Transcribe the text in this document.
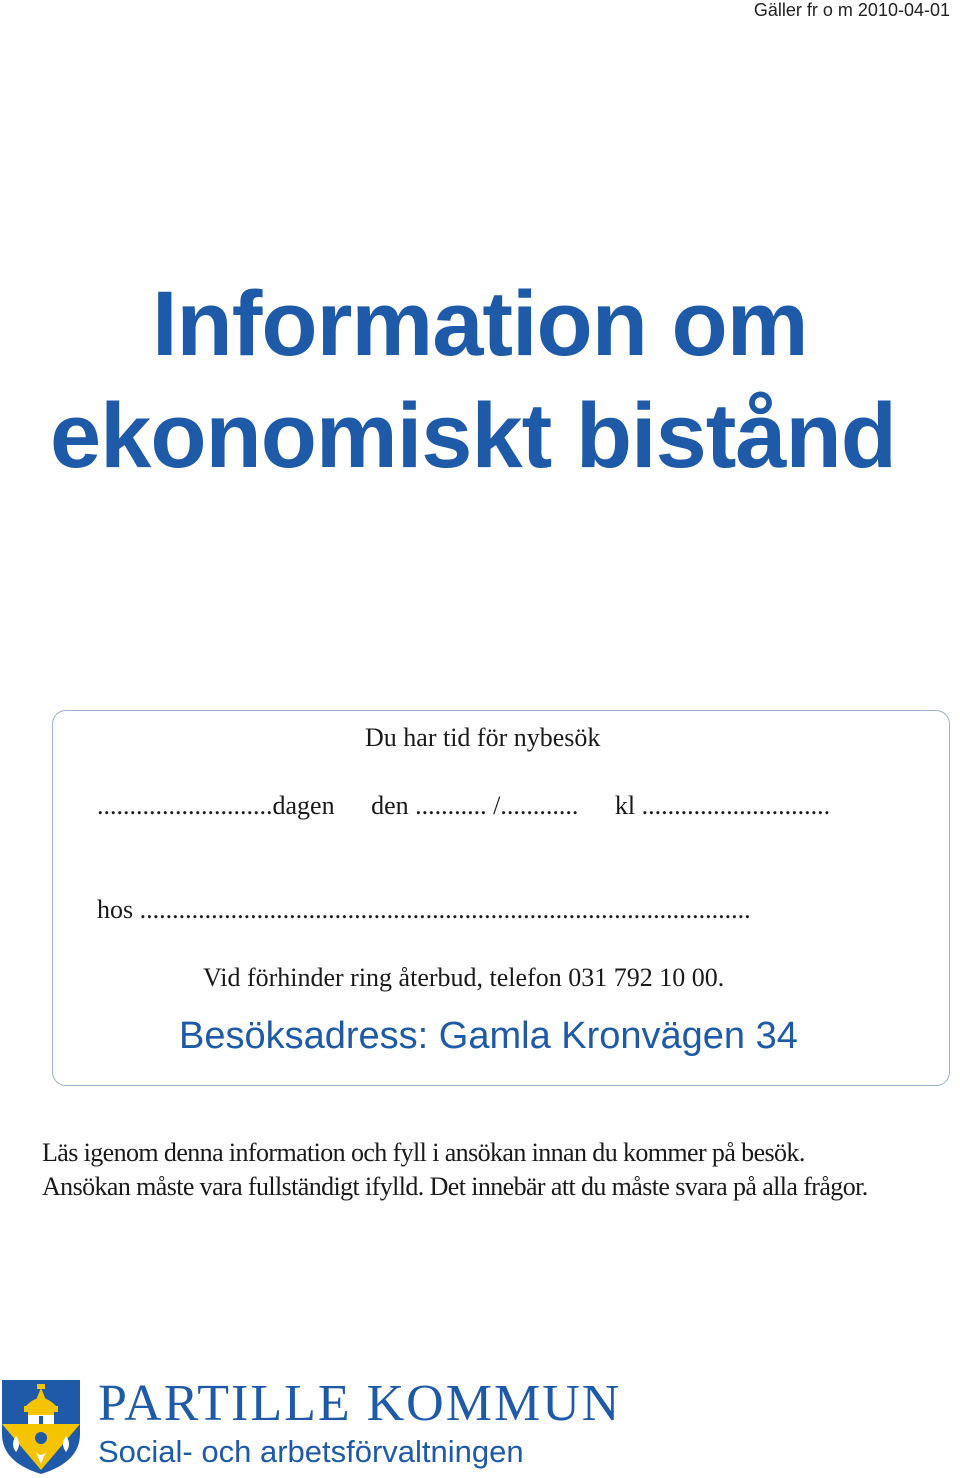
Gäller fr o m 2010-04-01
Information om
ekonomiskt bistånd
Du har tid för nybesök
...........................dagen den ........... /............ kl .............................
hos ..............................................................................................
Vid förhinder ring återbud, telefon 031 792 10 00.
Besöksadress: Gamla Kronvägen 34
Läs igenom denna information och fyll i ansökan innan du kommer på besök.
Ansökan måste vara fullständigt ifylld. Det innebär att du måste svara på alla frågor.
PARTILLE KOMMUN
Social- och arbetsförvaltningen
